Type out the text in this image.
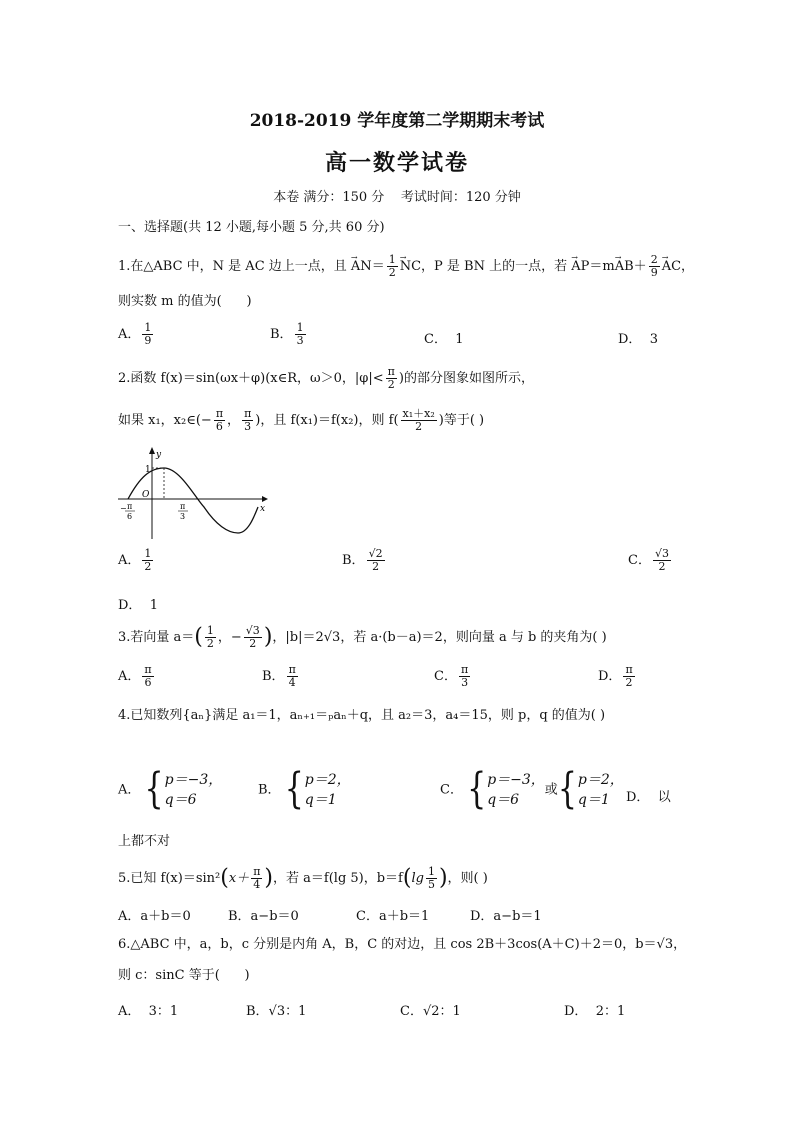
2018-2019 学年度第二学期期末考试
高一数学试卷
本卷 满分：150 分    考试时间：120 分钟
一、选择题(共 12 小题,每小题 5 分,共 60 分)
1.在△ABC 中，N 是 AC 边上一点，且 → $AN= \frac{1}{2}$ → NC，P 是 BN 上的一点，若 → $AP=m\to AB+ \frac{2}{9}$ → AC，
则实数 m 的值为(      )
A． $\frac{1}{9}$	B． $\frac{1}{3}$	C．  1	D．  3
2.函数 f(x)＝sin(ωx＋φ)(x∈R，ω＞0，$|\varphi|< \frac{\pi}{2}$ )的部分图象如图所示，
如果 x₁，x₂∈(− $\frac{\pi}{6}$ ， $\frac{\pi}{3}$ )，且 f(x₁)＝f(x₂)，则 $f( \frac{\text{x₁＋x₂}}{2}$ )等于( )
y
x
1
O
− π
6
π
3
A． $\frac{1}{2}$	B． $\frac{√2}{2}$	C． $\frac{√3}{2}$
D．  1
3.若向量 $a=( \frac{1}{2}$ ，− $\frac{√3}{2}$ )，|b|＝2√3，若 a·(b－a)＝2，则向量 a 与 b 的夹角为( )
A． $\frac{\pi}{6}$	B． $\frac{\pi}{4}$	C． $\frac{\pi}{3}$	D． $\frac{\pi}{2}$
4.已知数列{aₙ}满足 a₁＝1，aₙ₊₁＝ₚaₙ＋q，且 a₂＝3，a₄＝15，则 p，q 的值为( )
A． { p＝−3，
q＝6
B． { p＝2，
q＝1
C． { p＝−3，
q＝6
或 { p＝2，
q＝1	D．  以
上都不对
5.已知 $f(x)=\sin^2(x+ \frac{\pi}{4}$ )，若 a＝f(lg 5)，$b=f(\lg \frac{1}{5}$ )，则( )
A．a＋b＝0	B．a−b＝0	C．a＋b＝1	D．a−b＝1
6.△ABC 中，a，b，c 分别是内角 A，B，C 的对边，且 cos 2B＋3cos(A＋C)＋2＝0，b＝√3，
则 c：sinC 等于(      )
A．  3：1	B．√3：1	C．√2：1	D．  2：1
